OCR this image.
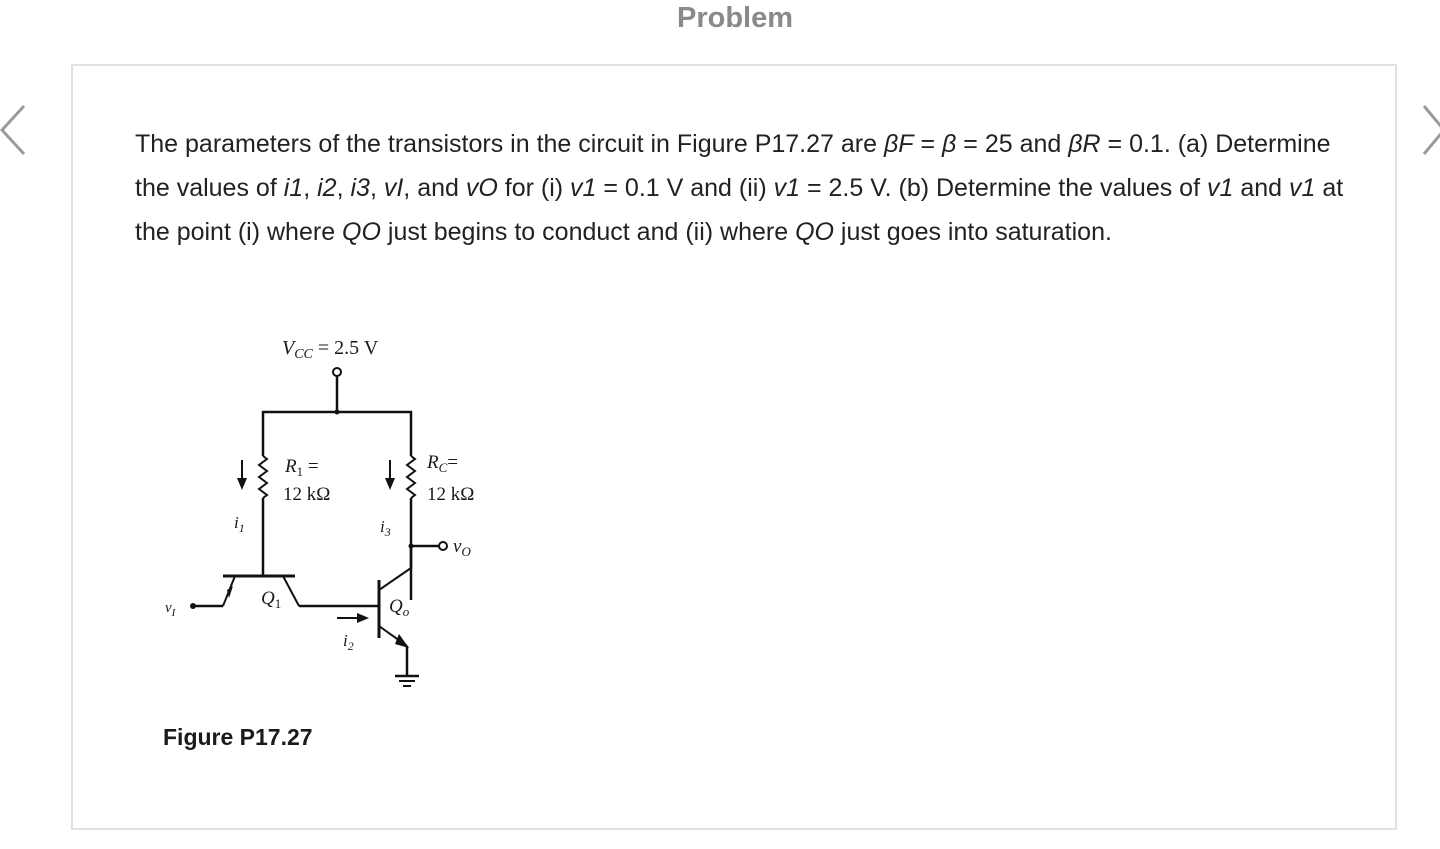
Problem

The parameters of the transistors in the circuit in Figure P17.27 are βF = β = 25 and βR = 0.1. (a) Determine the values of i1, i2, i3, vI, and vO for (i) v1 = 0.1 V and (ii) v1 = 2.5 V. (b) Determine the values of v1 and v1 at the point (i) where QO just begins to conduct and (ii) where QO just goes into saturation.

$V_{CC} = 2.5$ V
$R_1$ =
12 kΩ
$i_1$
$R_C=$
12 kΩ
$i_3$
$v_O$
$Q_1$
$v_I$
$i_2$
$Q_o$
Figure P17.27
